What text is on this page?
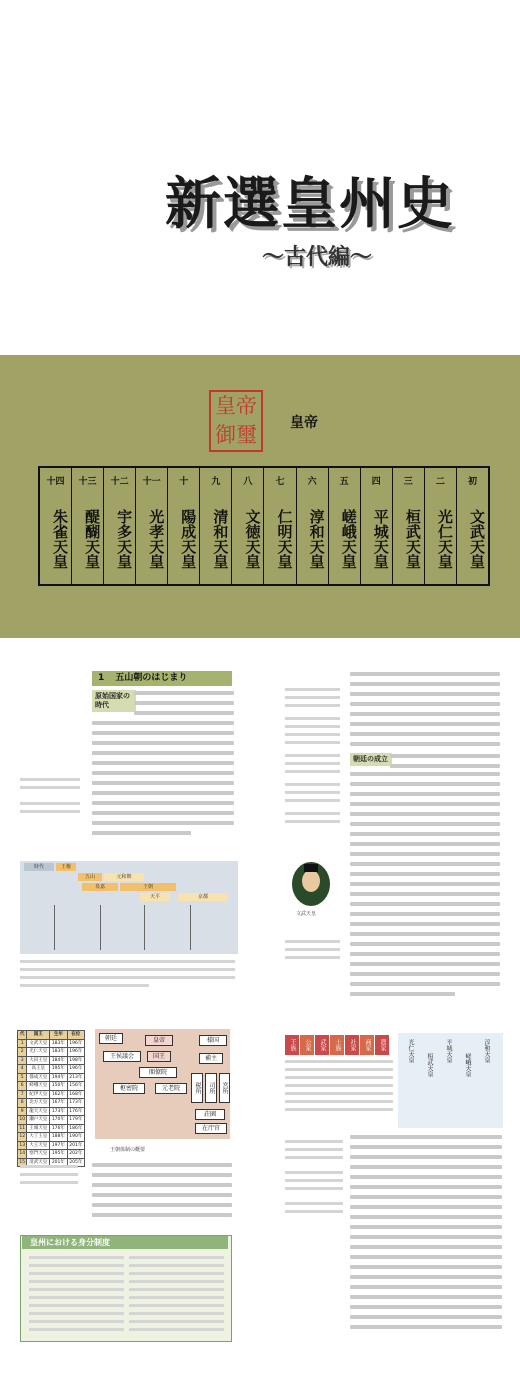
新選皇州史
～古代編～
皇帝御璽	皇帝
初
文武天皇
二
光仁天皇
三
桓武天皇
四
平城天皇
五
嵯峨天皇
六
淳和天皇
七
仁明天皇
八
文徳天皇
九
清和天皇
十
陽成天皇
十一
光孝天皇
十二
宇多天皇
十三
醍醐天皇
十四
朱雀天皇
1 五山朝のはじまり
原始国家の時代
時代	王権
五山	元和朝
泉嘉	王朝
天平	京都
朝廷の成立
文武天皇
代	国王	生年	在位
1	文武天皇	183年	196年
2	光仁天皇	183年	196年
3	大田王皇	184年	198年
4	高王皇	195年	196年
5	都成天皇	194年	213年
6	嵯峨天皇	150年	156年
7	紀伊天皇	162年	168年
8	北方天皇	167年	173年
9	龍天天皇	173年	176年
10	瀬戸天皇	170年	179年
11	王城天皇	176年	186年
12	大丁王皇	188年	190年
13	大王天皇	197年	201年
14	寒門天皇	195年	202年
15	清武天皇	201年	205年
朝廷	皇帝
王侯議会	国王
閣僚院
枢密院	元老院
様国
補主
税所	司所	宮所
荘園
在庁官
王朝体制の概要
皇州における身分制度
王族	公家	武家	士族	社家	商家	農家	光仁天皇
桓武天皇
平城天皇
嵯峨天皇
淳和天皇
